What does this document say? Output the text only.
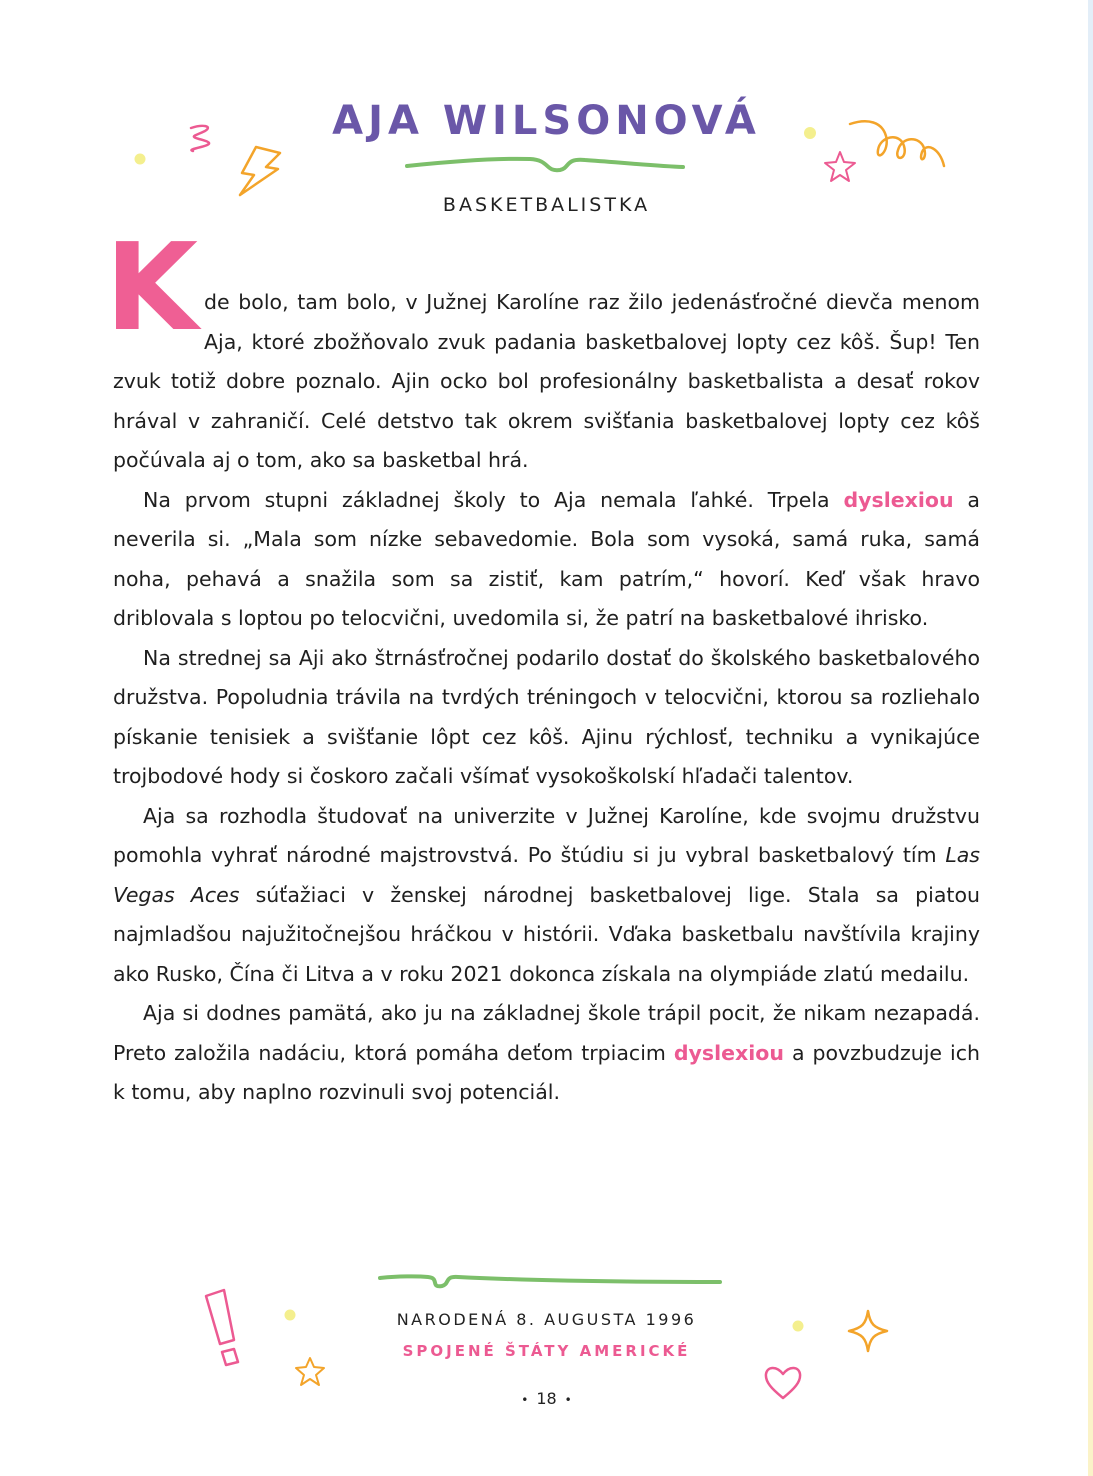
AJA WILSONOVÁ
BASKETBALISTKA

Kde bolo, tam bolo, v Južnej Karolíne raz žilo jedenásťročné dievča menom Aja, ktoré zbožňovalo zvuk padania basketbalovej lopty cez kôš. Šup! Ten zvuk totiž dobre poznalo. Ajin ocko bol profesionálny basketbalista a desať rokov hrával v zahraničí. Celé detstvo tak okrem svišťania basketbalovej lopty cez kôš počúvala aj o tom, ako sa basketbal hrá.

Na prvom stupni základnej školy to Aja nemala ľahké. Trpela dyslexiou a neverila si. „Mala som nízke sebavedomie. Bola som vysoká, samá ruka, samá noha, pehavá a snažila som sa zistiť, kam patrím,“ hovorí. Keď však hravo driblovala s loptou po telocvični, uvedomila si, že patrí na basketbalové ihrisko.

Na strednej sa Aji ako štrnásťročnej podarilo dostať do školského basketbalového družstva. Popoludnia trávila na tvrdých tréningoch v telocvični, ktorou sa rozliehalo pískanie tenisiek a svišťanie lôpt cez kôš. Ajinu rýchlosť, techniku a vynikajúce trojbodové hody si čoskoro začali všímať vysokoškolskí hľadači talentov.

Aja sa rozhodla študovať na univerzite v Južnej Karolíne, kde svojmu družstvu pomohla vyhrať národné majstrovstvá. Po štúdiu si ju vybral basketbalový tím Las Vegas Aces súťažiaci v ženskej národnej basketbalovej lige. Stala sa piatou najmladšou najužitočnejšou hráčkou v histórii. Vďaka basketbalu navštívila krajiny ako Rusko, Čína či Litva a v roku 2021 dokonca získala na olympiáde zlatú medailu.

Aja si dodnes pamätá, ako ju na základnej škole trápil pocit, že nikam nezapadá. Preto založila nadáciu, ktorá pomáha deťom trpiacim dyslexiou a povzbudzuje ich k tomu, aby naplno rozvinuli svoj potenciál.

NARODENÁ 8. AUGUSTA 1996
SPOJENÉ ŠTÁTY AMERICKÉ
• 18 •
